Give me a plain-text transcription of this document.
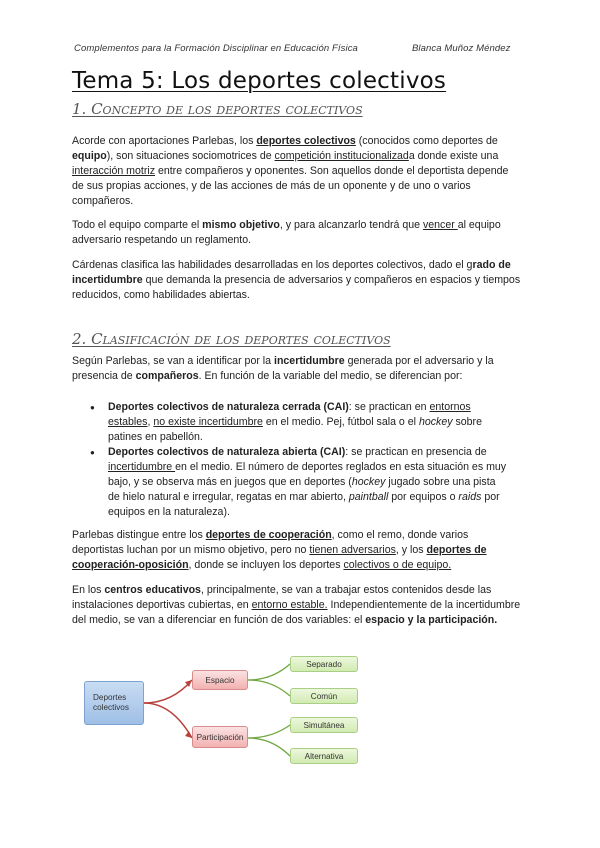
Complementos para la Formación Disciplinar en Educación Física	Blanca Muñoz Méndez
Tema 5: Los deportes colectivos
1. Concepto de los deportes colectivos

Acorde con aportaciones Parlebas, los deportes colectivos (conocidos como deportes de equipo), son situaciones sociomotrices de competición institucionalizada donde existe una interacción motriz entre compañeros y oponentes. Son aquellos donde el deportista depende de sus propias acciones, y de las acciones de más de un oponente y de uno o varios compañeros.

Todo el equipo comparte el mismo objetivo, y para alcanzarlo tendrá que vencer al equipo adversario respetando un reglamento.

Cárdenas clasifica las habilidades desarrolladas en los deportes colectivos, dado el grado de incertidumbre que demanda la presencia de adversarios y compañeros en espacios y tiempos reducidos, como habilidades abiertas.

2. Clasificación de los deportes colectivos

Según Parlebas, se van a identificar por la incertidumbre generada por el adversario y la presencia de compañeros. En función de la variable del medio, se diferencian por:

● Deportes colectivos de naturaleza cerrada (CAI): se practican en entornos estables, no existe incertidumbre en el medio. Pej, fútbol sala o el hockey sobre patines en pabellón.
● Deportes colectivos de naturaleza abierta (CAI): se practican en presencia de incertidumbre en el medio. El número de deportes reglados en esta situación es muy bajo, y se observa más en juegos que en deportes (hockey jugado sobre una pista de hielo natural e irregular, regatas en mar abierto, paintball por equipos o raids por equipos en la naturaleza).

Parlebas distingue entre los deportes de cooperación, como el remo, donde varios deportistas luchan por un mismo objetivo, pero no tienen adversarios, y los deportes de cooperación-oposición, donde se incluyen los deportes colectivos o de equipo.

En los centros educativos, principalmente, se van a trabajar estos contenidos desde las instalaciones deportivas cubiertas, en entorno estable. Independientemente de la incertidumbre del medio, se van a diferenciar en función de dos variables: el espacio y la participación.

Deportes colectivos
Espacio
Participación
Separado
Común
Simultánea
Alternativa
